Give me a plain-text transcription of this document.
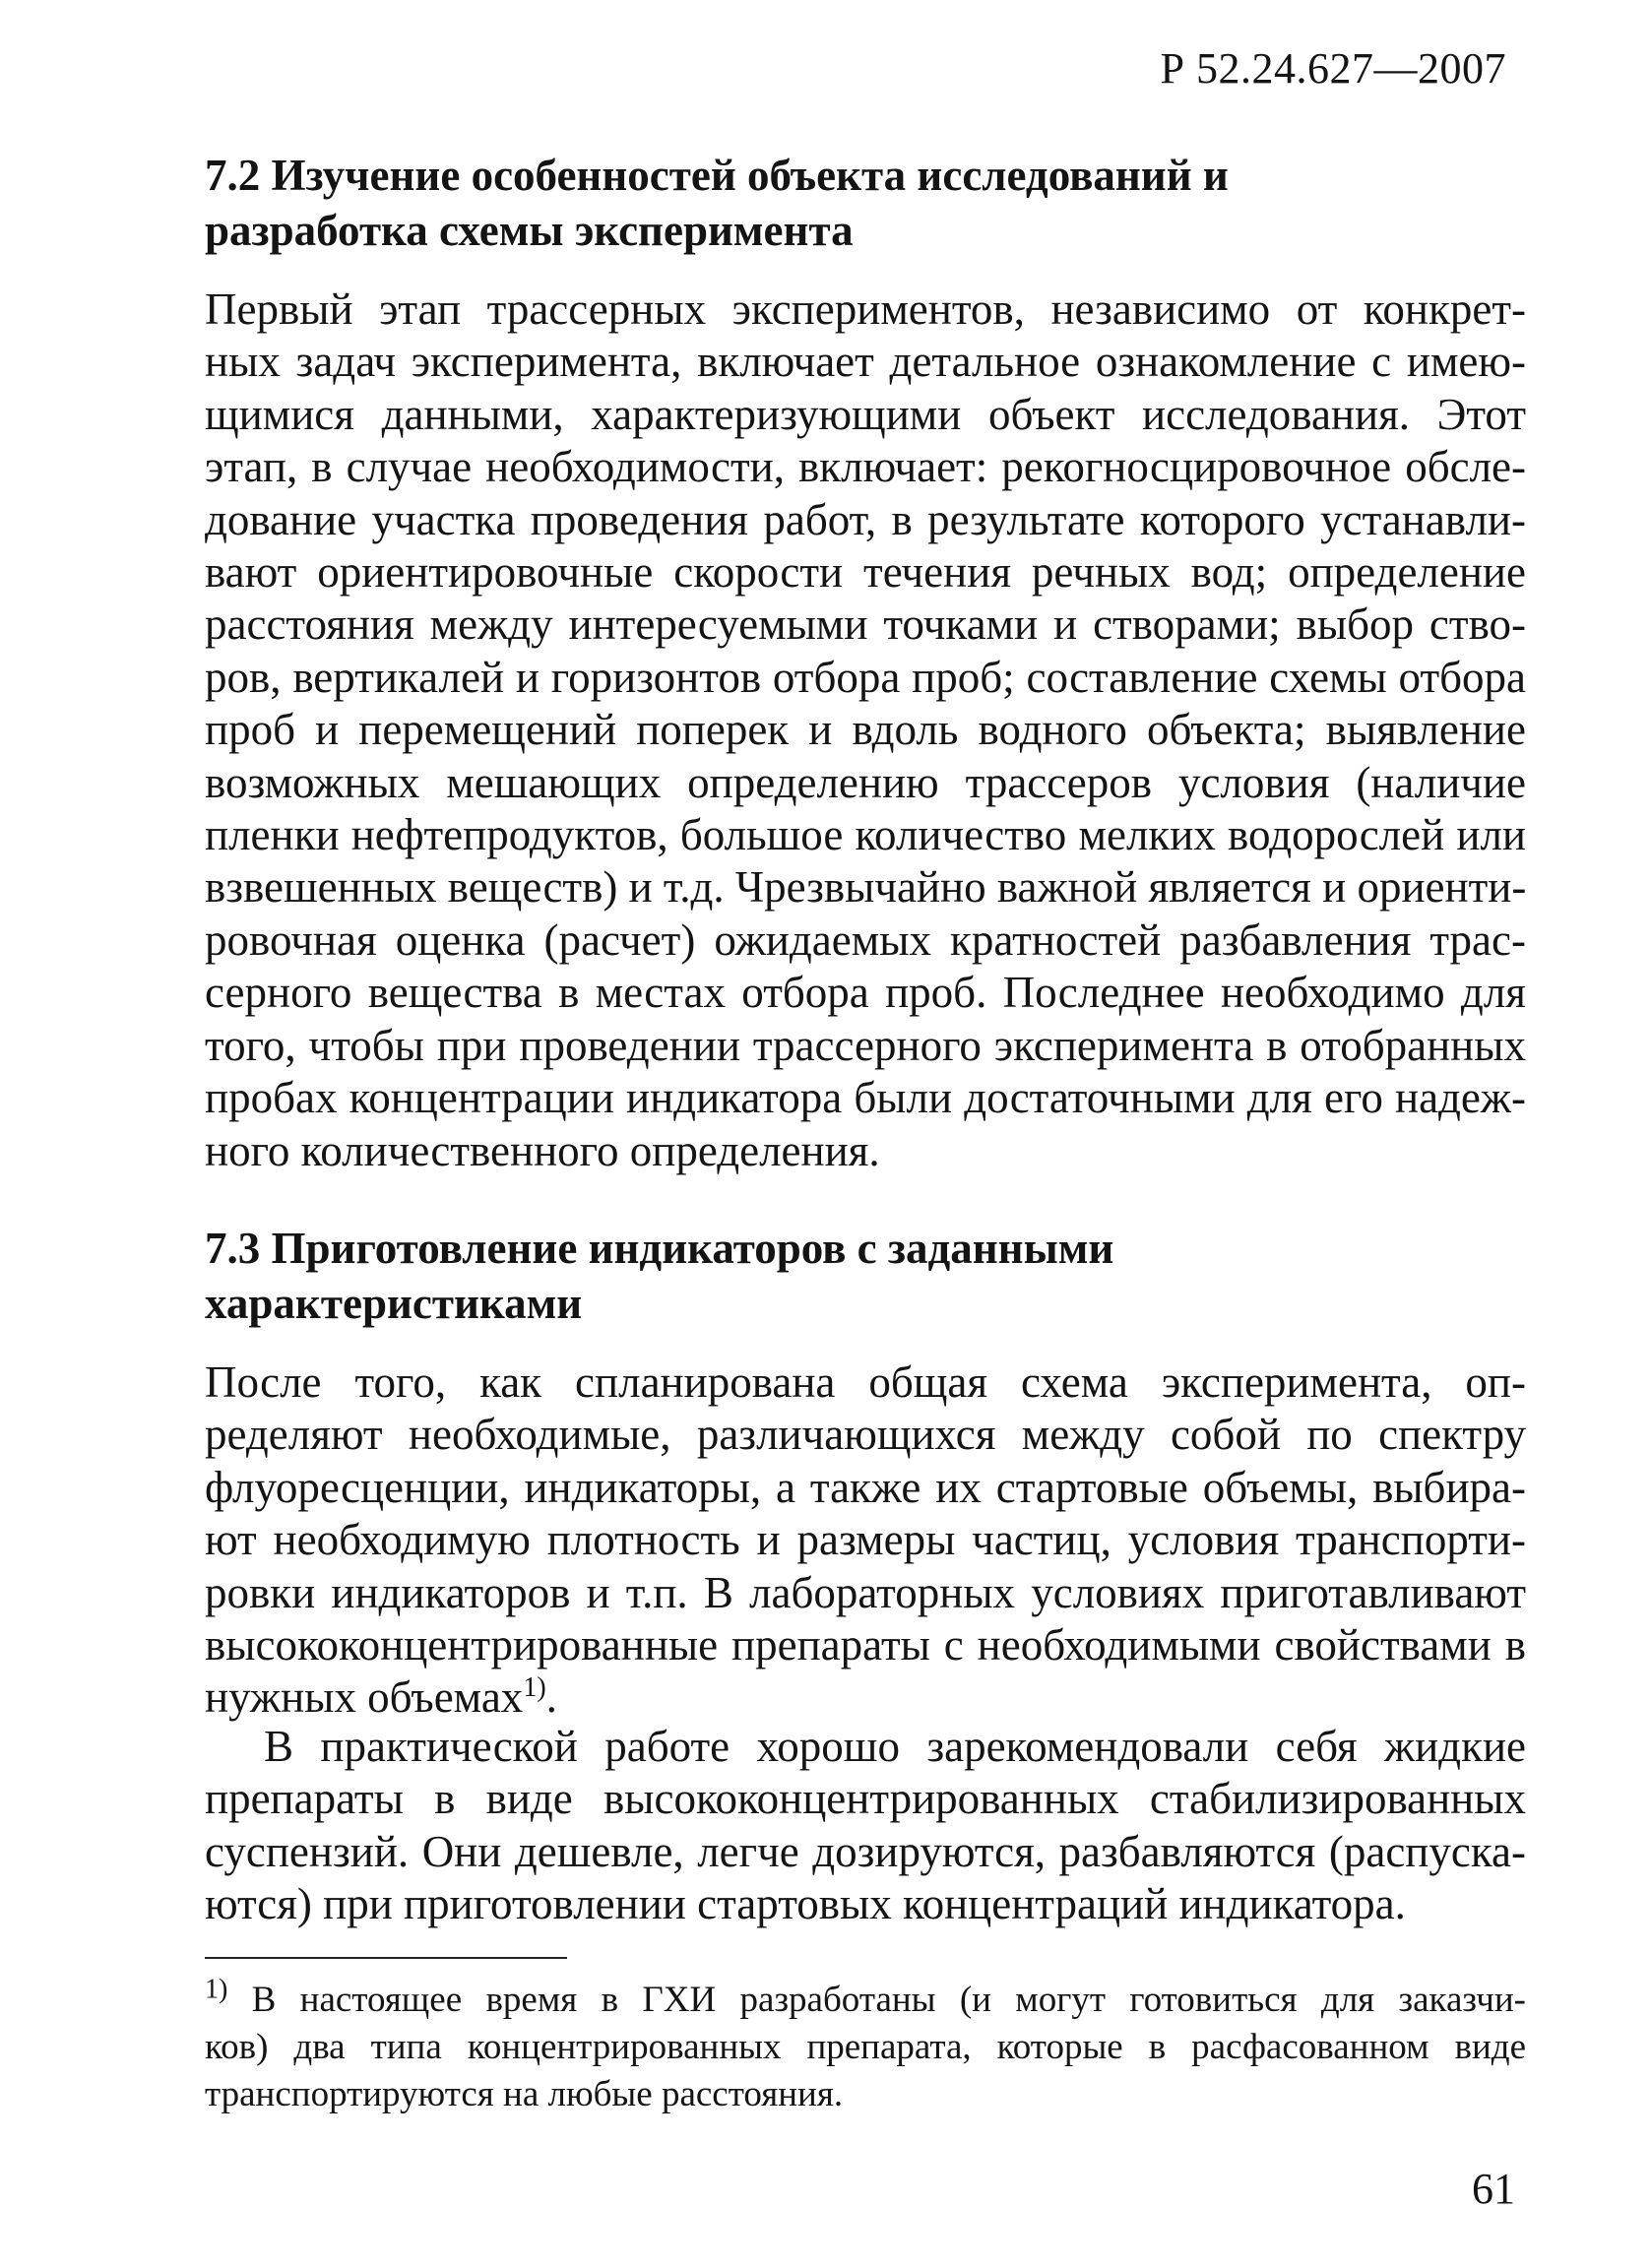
Р 52.24.627—2007
7.2 Изучение особенностей объекта исследований и
разработка схемы эксперимента
Первый этап трассерных экспериментов, независимо от конкрет-
ных задач эксперимента, включает детальное ознакомление с имею-
щимися данными, характеризующими объект исследования. Этот
этап, в случае необходимости, включает: рекогносцировочное обсле-
дование участка проведения работ, в результате которого устанавли-
вают ориентировочные скорости течения речных вод; определение
расстояния между интересуемыми точками и створами; выбор ство-
ров, вертикалей и горизонтов отбора проб; составление схемы отбора
проб и перемещений поперек и вдоль водного объекта; выявление
возможных мешающих определению трассеров условия (наличие
пленки нефтепродуктов, большое количество мелких водорослей или
взвешенных веществ) и т.д. Чрезвычайно важной является и ориенти-
ровочная оценка (расчет) ожидаемых кратностей разбавления трас-
серного вещества в местах отбора проб. Последнее необходимо для
того, чтобы при проведении трассерного эксперимента в отобранных
пробах концентрации индикатора были достаточными для его надеж-
ного количественного определения.
7.3 Приготовление индикаторов с заданными
характеристиками
После того, как спланирована общая схема эксперимента, оп-
ределяют необходимые, различающихся между собой по спектру
флуоресценции, индикаторы, а также их стартовые объемы, выбира-
ют необходимую плотность и размеры частиц, условия транспорти-
ровки индикаторов и т.п. В лабораторных условиях приготавливают
высококонцентрированные препараты с необходимыми свойствами в
нужных объемах$^{1)}$.
В практической работе хорошо зарекомендовали себя жидкие
препараты в виде высококонцентрированных стабилизированных
суспензий. Они дешевле, легче дозируются, разбавляются (распуска-
ются) при приготовлении стартовых концентраций индикатора.
$^{1)}$ В настоящее время в ГХИ разработаны (и могут готовиться для заказчи-
ков) два типа концентрированных препарата, которые в расфасованном виде
транспортируются на любые расстояния.
61
